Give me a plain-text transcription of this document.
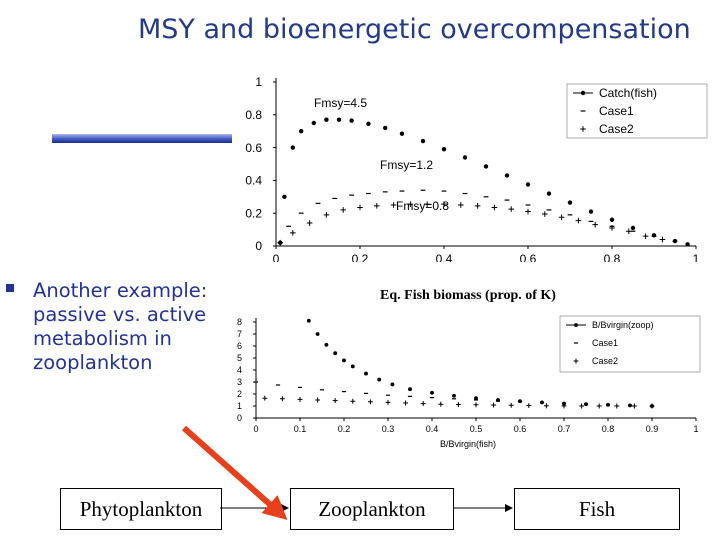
MSY and bioenergetic overcompensation
Another example: passive vs. active metabolism in zooplankton
0	0.2	0.4	0.6	0.8	1
0
0.2
0.4
0.6
0.8
1
Catch(fish)
Case1
Case2
Fmsy=4.5
Fmsy=1.2
Fmsy=0.8
Eq. Fish biomass (prop. of K)
0	0.1	0.2	0.3	0.4	0.5	0.6	0.7	0.8	0.9	1
0
1
2
3
4
5
6
7
8	B/Bvirgin(zoop)
Case1
Case2
B/Bvirgin(fish)
Phytoplankton	Zooplankton	Fish
